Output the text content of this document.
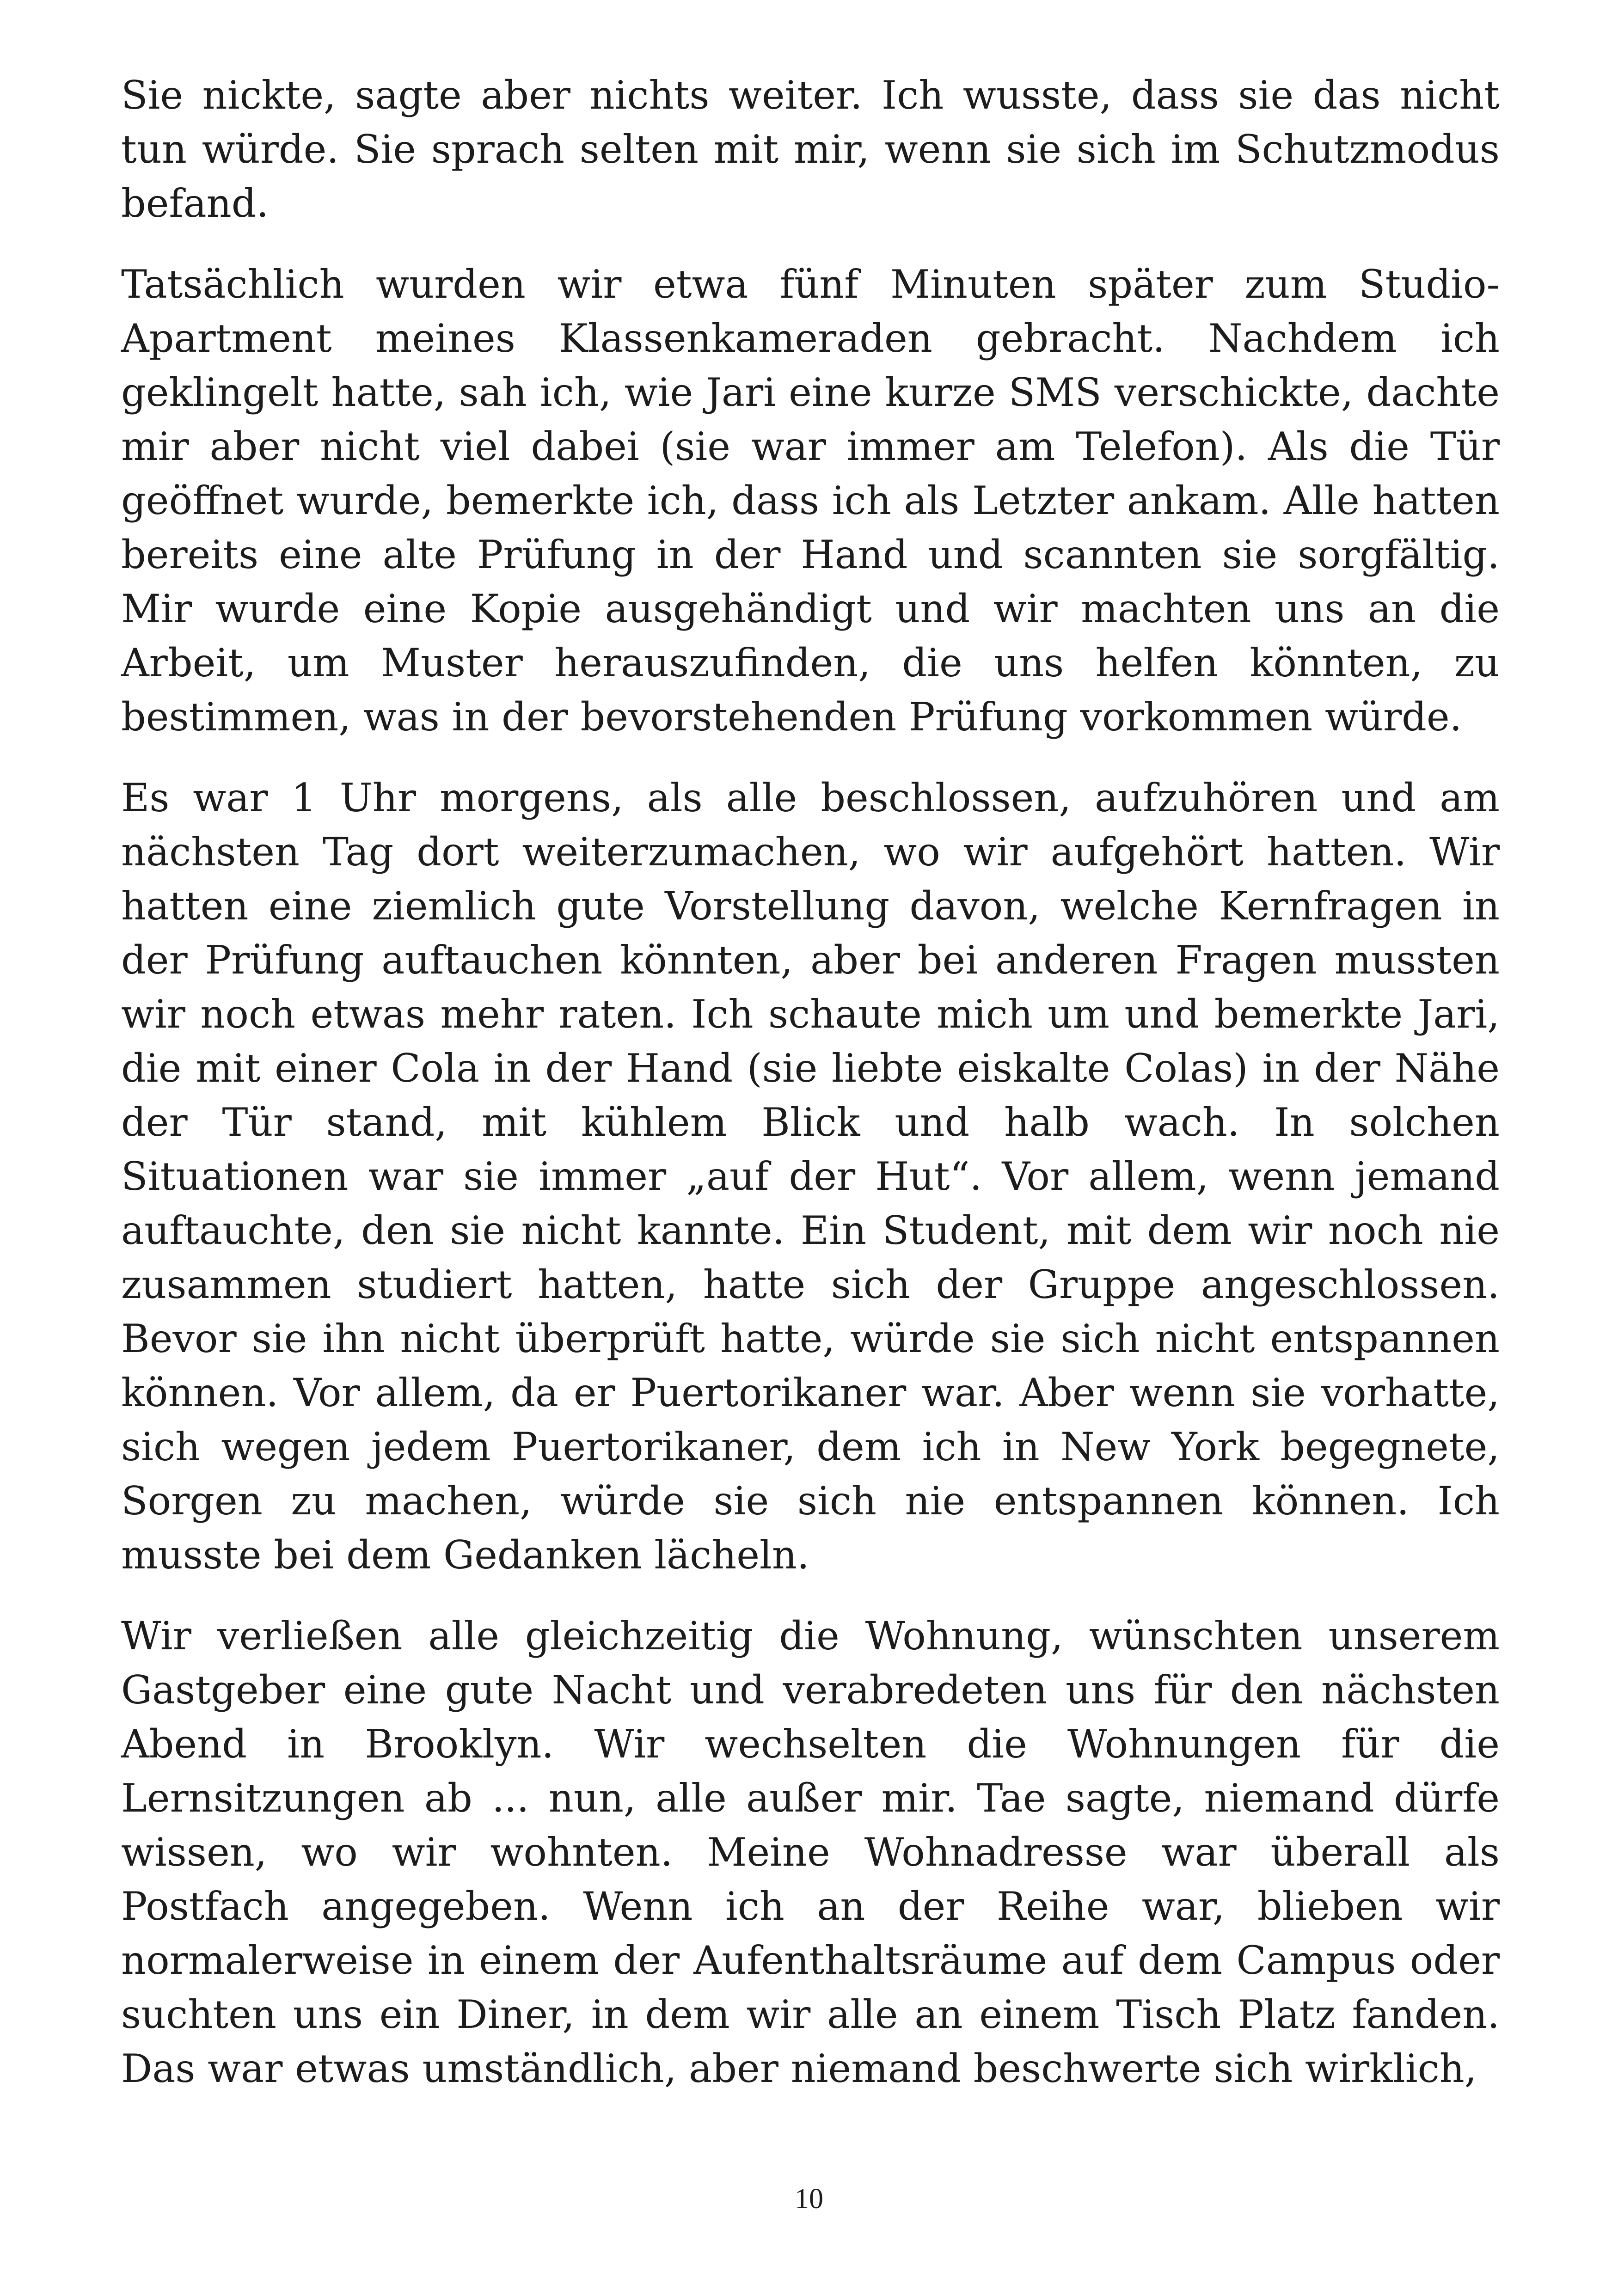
Sie nickte, sagte aber nichts weiter. Ich wusste, dass sie das nicht tun würde. Sie sprach selten mit mir, wenn sie sich im Schutzmodus befand.

Tatsächlich wurden wir etwa fünf Minuten später zum Studio-Apartment meines Klassenkameraden gebracht. Nachdem ich geklingelt hatte, sah ich, wie Jari eine kurze SMS verschickte, dachte mir aber nicht viel dabei (sie war immer am Telefon). Als die Tür geöffnet wurde, bemerkte ich, dass ich als Letzter ankam. Alle hatten bereits eine alte Prüfung in der Hand und scannten sie sorgfältig. Mir wurde eine Kopie ausgehändigt und wir machten uns an die Arbeit, um Muster herauszufinden, die uns helfen könnten, zu bestimmen, was in der bevorstehenden Prüfung vorkommen würde.

Es war 1 Uhr morgens, als alle beschlossen, aufzuhören und am nächsten Tag dort weiterzumachen, wo wir aufgehört hatten. Wir hatten eine ziemlich gute Vorstellung davon, welche Kernfragen in der Prüfung auftauchen könnten, aber bei anderen Fragen mussten wir noch etwas mehr raten. Ich schaute mich um und bemerkte Jari, die mit einer Cola in der Hand (sie liebte eiskalte Colas) in der Nähe der Tür stand, mit kühlem Blick und halb wach. In solchen Situationen war sie immer „auf der Hut“. Vor allem, wenn jemand auftauchte, den sie nicht kannte. Ein Student, mit dem wir noch nie zusammen studiert hatten, hatte sich der Gruppe angeschlossen. Bevor sie ihn nicht überprüft hatte, würde sie sich nicht entspannen können. Vor allem, da er Puertorikaner war. Aber wenn sie vorhatte, sich wegen jedem Puertorikaner, dem ich in New York begegnete, Sorgen zu machen, würde sie sich nie entspannen können. Ich musste bei dem Gedanken lächeln.

Wir verließen alle gleichzeitig die Wohnung, wünschten unserem Gastgeber eine gute Nacht und verabredeten uns für den nächsten Abend in Brooklyn. Wir wechselten die Wohnungen für die Lernsitzungen ab ... nun, alle außer mir. Tae sagte, niemand dürfe wissen, wo wir wohnten. Meine Wohnadresse war überall als Postfach angegeben. Wenn ich an der Reihe war, blieben wir normalerweise in einem der Aufenthaltsräume auf dem Campus oder suchten uns ein Diner, in dem wir alle an einem Tisch Platz fanden. Das war etwas umständlich, aber niemand beschwerte sich wirklich,

10
